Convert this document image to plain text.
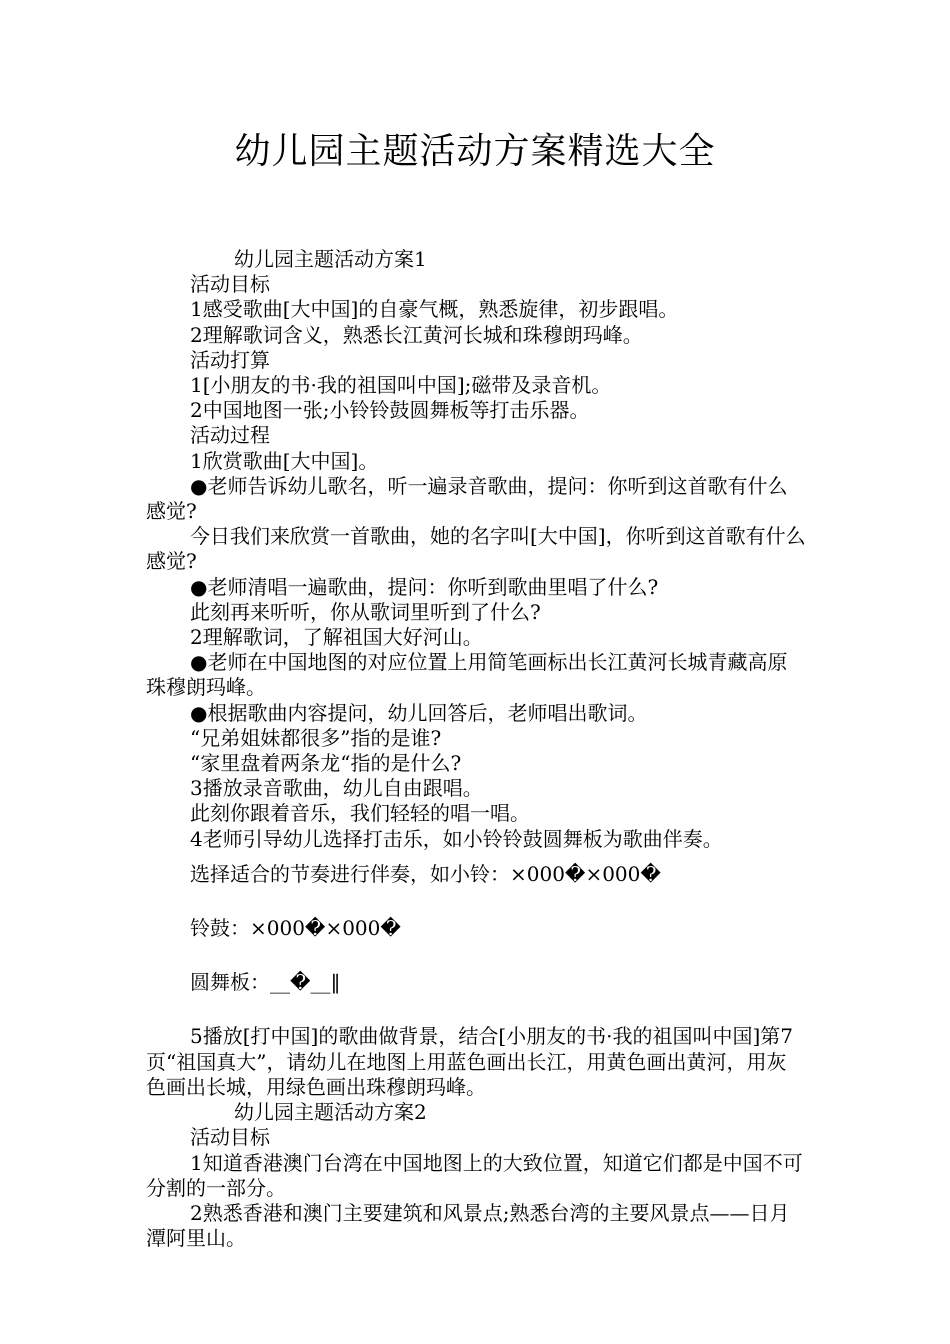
幼儿园主题活动方案精选大全

幼儿园主题活动方案1

活动目标

1感受歌曲[大中国]的自豪气概，熟悉旋律，初步跟唱。

2理解歌词含义，熟悉长江黄河长城和珠穆朗玛峰。

活动打算

1[小朋友的书·我的祖国叫中国];磁带及录音机。

2中国地图一张;小铃铃鼓圆舞板等打击乐器。

活动过程

1欣赏歌曲[大中国]。

●老师告诉幼儿歌名，听一遍录音歌曲，提问：你听到这首歌有什么感觉?

今日我们来欣赏一首歌曲，她的名字叫[大中国]，你听到这首歌有什么感觉?

●老师清唱一遍歌曲，提问：你听到歌曲里唱了什么?

此刻再来听听，你从歌词里听到了什么?

2理解歌词，了解祖国大好河山。

●老师在中国地图的对应位置上用简笔画标出长江黄河长城青藏高原珠穆朗玛峰。

●根据歌曲内容提问，幼儿回答后，老师唱出歌词。

“兄弟姐妹都很多”指的是谁?

“家里盘着两条龙“指的是什么?

3播放录音歌曲，幼儿自由跟唱。

此刻你跟着音乐，我们轻轻的唱一唱。

4老师引导幼儿选择打击乐，如小铃铃鼓圆舞板为歌曲伴奏。

选择适合的节奏进行伴奏，如小铃：×000�×000�

铃鼓：×000�×000�

圆舞板：__�__‖

5播放[打中国]的歌曲做背景，结合[小朋友的书·我的祖国叫中国]第7页“祖国真大”，请幼儿在地图上用蓝色画出长江，用黄色画出黄河，用灰色画出长城，用绿色画出珠穆朗玛峰。

幼儿园主题活动方案2

活动目标

1知道香港澳门台湾在中国地图上的大致位置，知道它们都是中国不可分割的一部分。

2熟悉香港和澳门主要建筑和风景点;熟悉台湾的主要风景点——日月潭阿里山。
